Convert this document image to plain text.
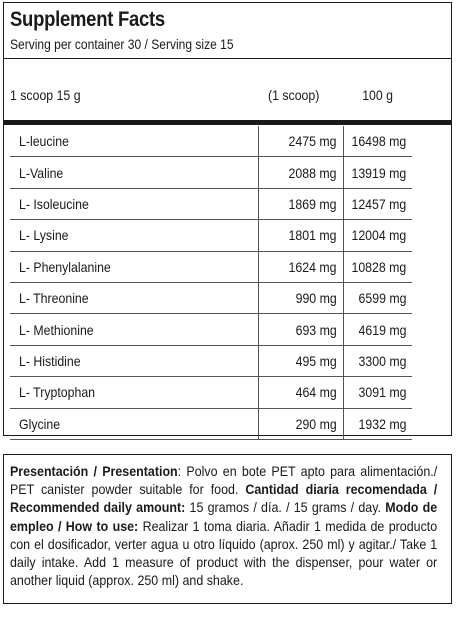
Supplement Facts
Serving per container 30 / Serving size 15
1 scoop 15 g	(1 scoop)	100 g
L-leucine	2475 mg	16498 mg
L-Valine	2088 mg	13919 mg
L- Isoleucine	1869 mg	12457 mg
L- Lysine	1801 mg	12004 mg
L- Phenylalanine	1624 mg	10828 mg
L- Threonine	990 mg	6599 mg
L- Methionine	693 mg	4619 mg
L- Histidine	495 mg	3300 mg
L- Tryptophan	464 mg	3091 mg
Glycine	290 mg	1932 mg
Presentación / Presentation: Polvo en bote PET apto para alimentación./ PET canister powder suitable for food. Cantidad diaria recomendada / Recommended daily amount: 15 gramos / día. / 15 grams / day. Modo de empleo / How to use: Realizar 1 toma diaria. Añadir 1 medida de producto con el dosificador, verter agua u otro líquido (aprox. 250 ml) y agitar./ Take 1 daily intake. Add 1 measure of product with the dispenser, pour water or another liquid (approx. 250 ml) and shake.
